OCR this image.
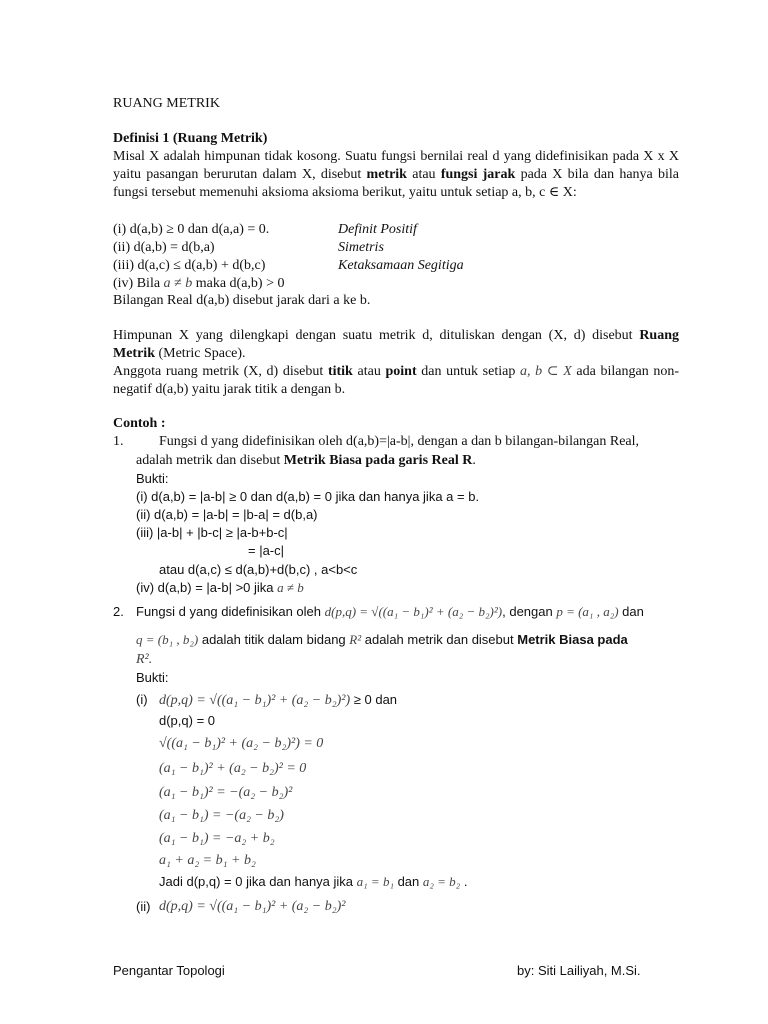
RUANG METRIK
Definisi 1 (Ruang Metrik)
Misal X adalah himpunan tidak kosong. Suatu fungsi bernilai real d yang didefinisikan pada X x X yaitu pasangan berurutan dalam X, disebut metrik atau fungsi jarak pada X bila dan hanya bila fungsi tersebut memenuhi aksioma aksioma berikut, yaitu untuk setiap a, b, c ∈ X:
(i) d(a,b) ≥ 0 dan d(a,a) = 0.	Definit Positif
(ii) d(a,b) = d(b,a)	Simetris
(iii) d(a,c) ≤ d(a,b) + d(b,c)	Ketaksamaan Segitiga
(iv) Bila a ≠ b maka d(a,b) > 0
Bilangan Real d(a,b) disebut jarak dari a ke b.
Himpunan X yang dilengkapi dengan suatu metrik d, dituliskan dengan (X, d) disebut Ruang Metrik (Metric Space).
Anggota ruang metrik (X, d) disebut titik atau point dan untuk setiap a, b ⊂ X ada bilangan non-negatif d(a,b) yaitu jarak titik a dengan b.
Contoh :
1.	Fungsi d yang didefinisikan oleh d(a,b)=|a-b|, dengan a dan b bilangan-bilangan Real,
adalah metrik dan disebut Metrik Biasa pada garis Real R.
Bukti:
(i) d(a,b) = |a-b| ≥ 0 dan d(a,b) = 0 jika dan hanya jika a = b.
(ii) d(a,b) = |a-b| = |b-a| = d(b,a)
(iii) |a-b| + |b-c| ≥ |a-b+b-c|
= |a-c|
atau d(a,c) ≤ d(a,b)+d(b,c) , a<b<c
(iv) d(a,b) = |a-b| >0 jika a ≠ b
2. Fungsi d yang didefinisikan oleh d(p,q) = √((a₁ − b₁)² + (a₂ − b₂)²), dengan p = (a₁ , a₂) dan
q = (b₁ , b₂) adalah titik dalam bidang R² adalah metrik dan disebut Metrik Biasa pada
R².
Bukti:
(i) d(p,q) = √((a₁ − b₁)² + (a₂ − b₂)²) ≥ 0 dan
d(p,q) = 0
√((a₁ − b₁)² + (a₂ − b₂)²) = 0
(a₁ − b₁)² + (a₂ − b₂)² = 0
(a₁ − b₁)² = −(a₂ − b₂)²
(a₁ − b₁) = −(a₂ − b₂)
(a₁ − b₁) = −a₂ + b₂
a₁ + a₂ = b₁ + b₂
Jadi d(p,q) = 0 jika dan hanya jika a₁ = b₁ dan a₂ = b₂ .
(ii) d(p,q) = √((a₁ − b₁)² + (a₂ − b₂)²
Pengantar Topologi	by: Siti Lailiyah, M.Si.
